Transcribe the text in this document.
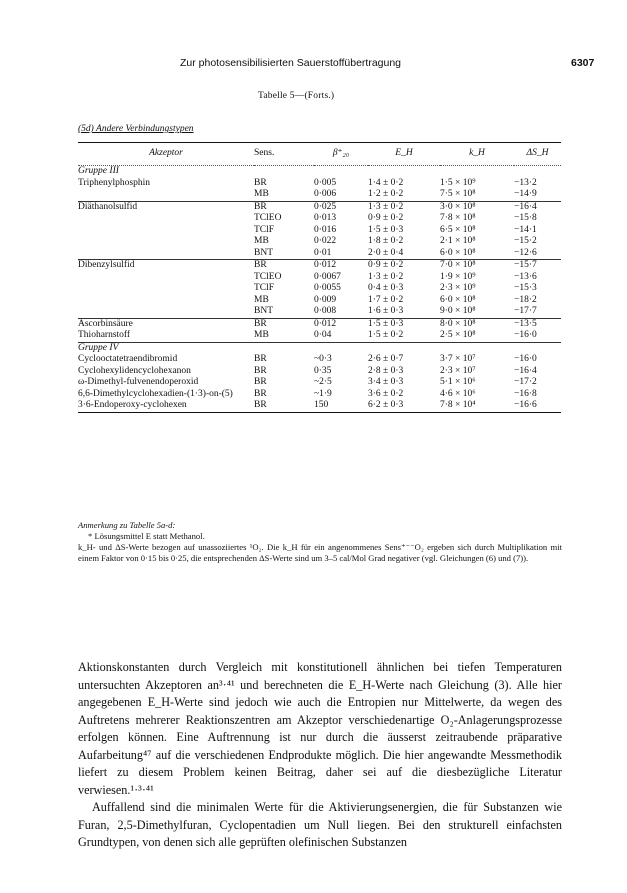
Zur photosensibilisierten Sauerstoffübertragung	6307
Tabelle 5—(Forts.)
(5d) Andere Verbindungstypen
Akzeptor	Sens.	β⁺₂₀	E_H	k_H	ΔS_H
Gruppe III					
Triphenylphosphin	BR	0·005	1·4 ± 0·2	1·5 × 10⁹	−13·2
	MB	0·006	1·2 ± 0·2	7·5 × 10⁸	−14·9
Diäthanolsulfid	BR	0·025	1·3 ± 0·2	3·0 × 10⁸	−16·4
	TClEO	0·013	0·9 ± 0·2	7·8 × 10⁸	−15·8
	TClF	0·016	1·5 ± 0·3	6·5 × 10⁸	−14·1
	MB	0·022	1·8 ± 0·2	2·1 × 10⁸	−15·2
	BNT	0·01	2·0 ± 0·4	6·0 × 10⁸	−12·6
Dibenzylsulfid	BR	0·012	0·9 ± 0·2	7·0 × 10⁸	−15·7
	TClEO	0·0067	1·3 ± 0·2	1·9 × 10⁹	−13·6
	TClF	0·0055	0·4 ± 0·3	2·3 × 10⁹	−15·3
	MB	0·009	1·7 ± 0·2	6·0 × 10⁸	−18·2
	BNT	0·008	1·6 ± 0·3	9·0 × 10⁸	−17·7
Ascorbinsäure	BR	0·012	1·5 ± 0·3	8·0 × 10⁸	−13·5
Thioharnstoff	MB	0·04	1·5 ± 0·2	2·5 × 10⁸	−16·0
Gruppe IV					
Cyclooctatetraendibromid	BR	~0·3	2·6 ± 0·7	3·7 × 10⁷	−16·0
Cyclohexylidencyclohexanon	BR	0·35	2·8 ± 0·3	2·3 × 10⁷	−16·4
ω-Dimethyl-fulvenendoperoxid	BR	~2·5	3·4 ± 0·3	5·1 × 10⁶	−17·2
6,6-Dimethylcyclohexadien-(1·3)-on-(5)	BR	~1·9	3·6 ± 0·2	4·6 × 10⁶	−16·8
3·6-Endoperoxy-cyclohexen	BR	150	6·2 ± 0·3	7·8 × 10⁴	−16·6

Anmerkung zu Tabelle 5a-d:

* Lösungsmittel E statt Methanol.

k_H- und ΔS-Werte bezogen auf unassoziiertes ¹O₂. Die k_H für ein angenommenes Sens⁺⁻⁻O₂ ergeben sich durch Multiplikation mit einem Faktor von 0·15 bis 0·25, die entsprechenden ΔS-Werte sind um 3–5 cal/Mol Grad negativer (vgl. Gleichungen (6) und (7)).

Aktionskonstanten durch Vergleich mit konstitutionell ähnlichen bei tiefen Temperaturen untersuchten Akzeptoren an³·⁴¹ und berechneten die E_H-Werte nach Gleichung (3). Alle hier angegebenen E_H-Werte sind jedoch wie auch die Entropien nur Mittelwerte, da wegen des Auftretens mehrerer Reaktionszentren am Akzeptor verschiedenartige O₂-Anlagerungsprozesse erfolgen können. Eine Auftrennung ist nur durch die äusserst zeitraubende präparative Aufarbeitung⁴⁷ auf die verschiedenen Endprodukte möglich. Die hier angewandte Messmethodik liefert zu diesem Problem keinen Beitrag, daher sei auf die diesbezügliche Literatur verwiesen.¹·³·⁴¹

Auffallend sind die minimalen Werte für die Aktivierungsenergien, die für Substanzen wie Furan, 2,5-Dimethylfuran, Cyclopentadien um Null liegen. Bei den strukturell einfachsten Grundtypen, von denen sich alle geprüften olefinischen Substanzen
